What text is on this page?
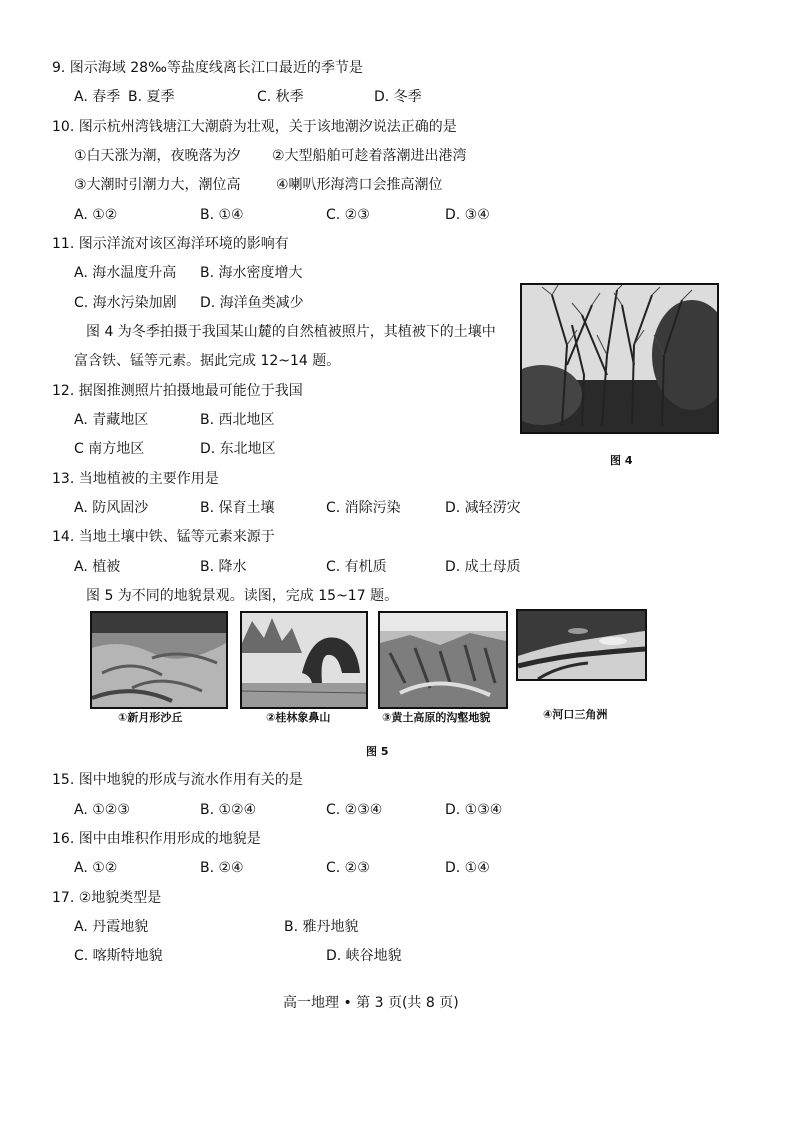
9. 图示海域 28‰等盐度线离长江口最近的季节是
A. 春季 B. 夏季	C. 秋季	D. 冬季
10. 图示杭州湾钱塘江大潮蔚为壮观，关于该地潮汐说法正确的是
①白天涨为潮，夜晚落为汐 ②大型船舶可趁着落潮进出港湾
③大潮时引潮力大，潮位高	④喇叭形海湾口会推高潮位
A. ①②	B. ①④	C. ②③	D. ③④
11. 图示洋流对该区海洋环境的影响有
A. 海水温度升高 B. 海水密度增大
C. 海水污染加剧 D. 海洋鱼类减少
图 4 为冬季拍摄于我国某山麓的自然植被照片，其植被下的土壤中
富含铁、锰等元素。据此完成 12~14 题。
图 4
12. 据图推测照片拍摄地最可能位于我国
A. 青藏地区	B. 西北地区
C 南方地区	D. 东北地区
13. 当地植被的主要作用是
A. 防风固沙	B. 保育土壤	C. 消除污染	D. 减轻涝灾
14. 当地土壤中铁、锰等元素来源于
A. 植被	B. 降水	C. 有机质	D. 成土母质
图 5 为不同的地貌景观。读图，完成 15~17 题。
①新月形沙丘	②桂林象鼻山	③黄土高原的沟壑地貌	④河口三角洲
图 5
15. 图中地貌的形成与流水作用有关的是
A. ①②③	B. ①②④	C. ②③④	D. ①③④
16. 图中由堆积作用形成的地貌是
A. ①②	B. ②④	C. ②③	D. ①④
17. ②地貌类型是
A. 丹霞地貌	B. 雅丹地貌
C. 喀斯特地貌	D. 峡谷地貌
高一地理 • 第 3 页(共 8 页)
